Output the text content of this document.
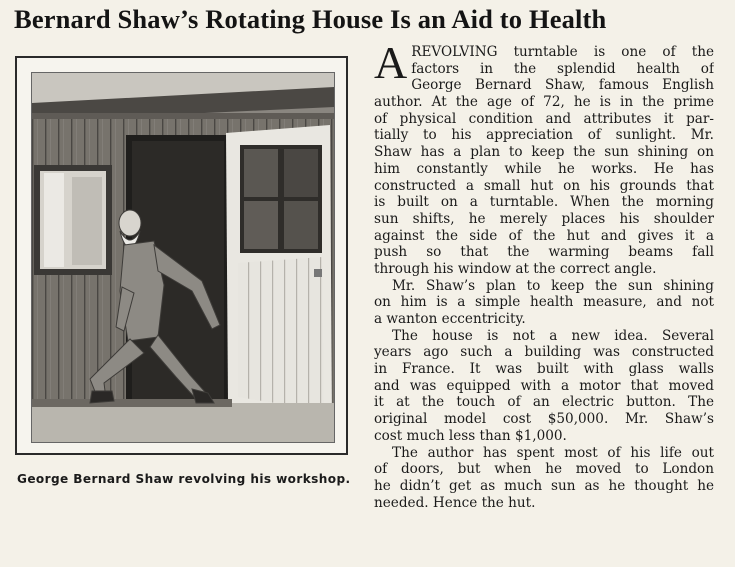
Bernard Shaw’s Rotating House Is an Aid to Health

George Bernard Shaw revolving his workshop.

A REVOLVING turntable is one of the
factors in the splendid health of
George Bernard Shaw, famous English
author. At the age of 72, he is in the prime
of physical condition and attributes it par-
tially to his appreciation of sunlight. Mr.
Shaw has a plan to keep the sun shining on
him constantly while he works. He has
constructed a small hut on his grounds that
is built on a turntable. When the morning
sun shifts, he merely places his shoulder
against the side of the hut and gives it a
push so that the warming beams fall
through his window at the correct angle.

Mr. Shaw’s plan to keep the sun shining
on him is a simple health measure, and not
a wanton eccentricity.

The house is not a new idea. Several
years ago such a building was constructed
in France. It was built with glass walls
and was equipped with a motor that moved
it at the touch of an electric button. The
original model cost $50,000. Mr. Shaw’s
cost much less than $1,000.

The author has spent most of his life out
of doors, but when he moved to London
he didn’t get as much sun as he thought he
needed. Hence the hut.
